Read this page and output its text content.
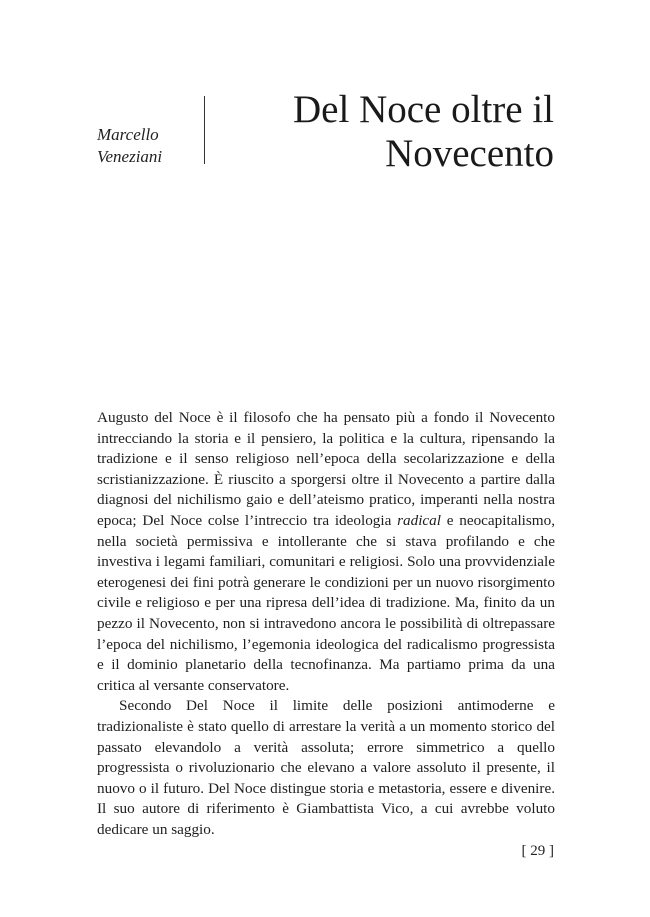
Marcello
Veneziani
Del Noce oltre il
Novecento

Augusto del Noce è il filosofo che ha pensato più a fondo il Novecento intrecciando la storia e il pensiero, la politica e la cultura, ripensando la tradizione e il senso religioso nell’epoca della secolarizzazione e della scristianizzazione. È riuscito a sporgersi oltre il Novecento a partire dalla diagnosi del nichilismo gaio e dell’ateismo pratico, imperanti nella nostra epoca; Del Noce colse l’intreccio tra ideologia radical e neocapitalismo, nella società permissiva e intollerante che si stava profilando e che investiva i legami familiari, comunitari e religiosi. Solo una provvidenziale eterogenesi dei fini potrà generare le condizioni per un nuovo risorgimento civile e religioso e per una ripresa dell’idea di tradizione. Ma, finito da un pezzo il Novecento, non si intravedono ancora le possibilità di oltrepassare l’epoca del nichilismo, l’egemonia ideologica del radicalismo progressista e il dominio planetario della tecnofinanza. Ma partiamo prima da una critica al versante conservatore.

Secondo Del Noce il limite delle posizioni antimoderne e tradizionaliste è stato quello di arrestare la verità a un momento storico del passato elevandolo a verità assoluta; errore simmetrico a quello progressista o rivoluzionario che elevano a valore assoluto il presente, il nuovo o il futuro. Del Noce distingue storia e metastoria, essere e divenire. Il suo autore di riferimento è Giambattista Vico, a cui avrebbe voluto dedicare un saggio.

[ 29 ]
